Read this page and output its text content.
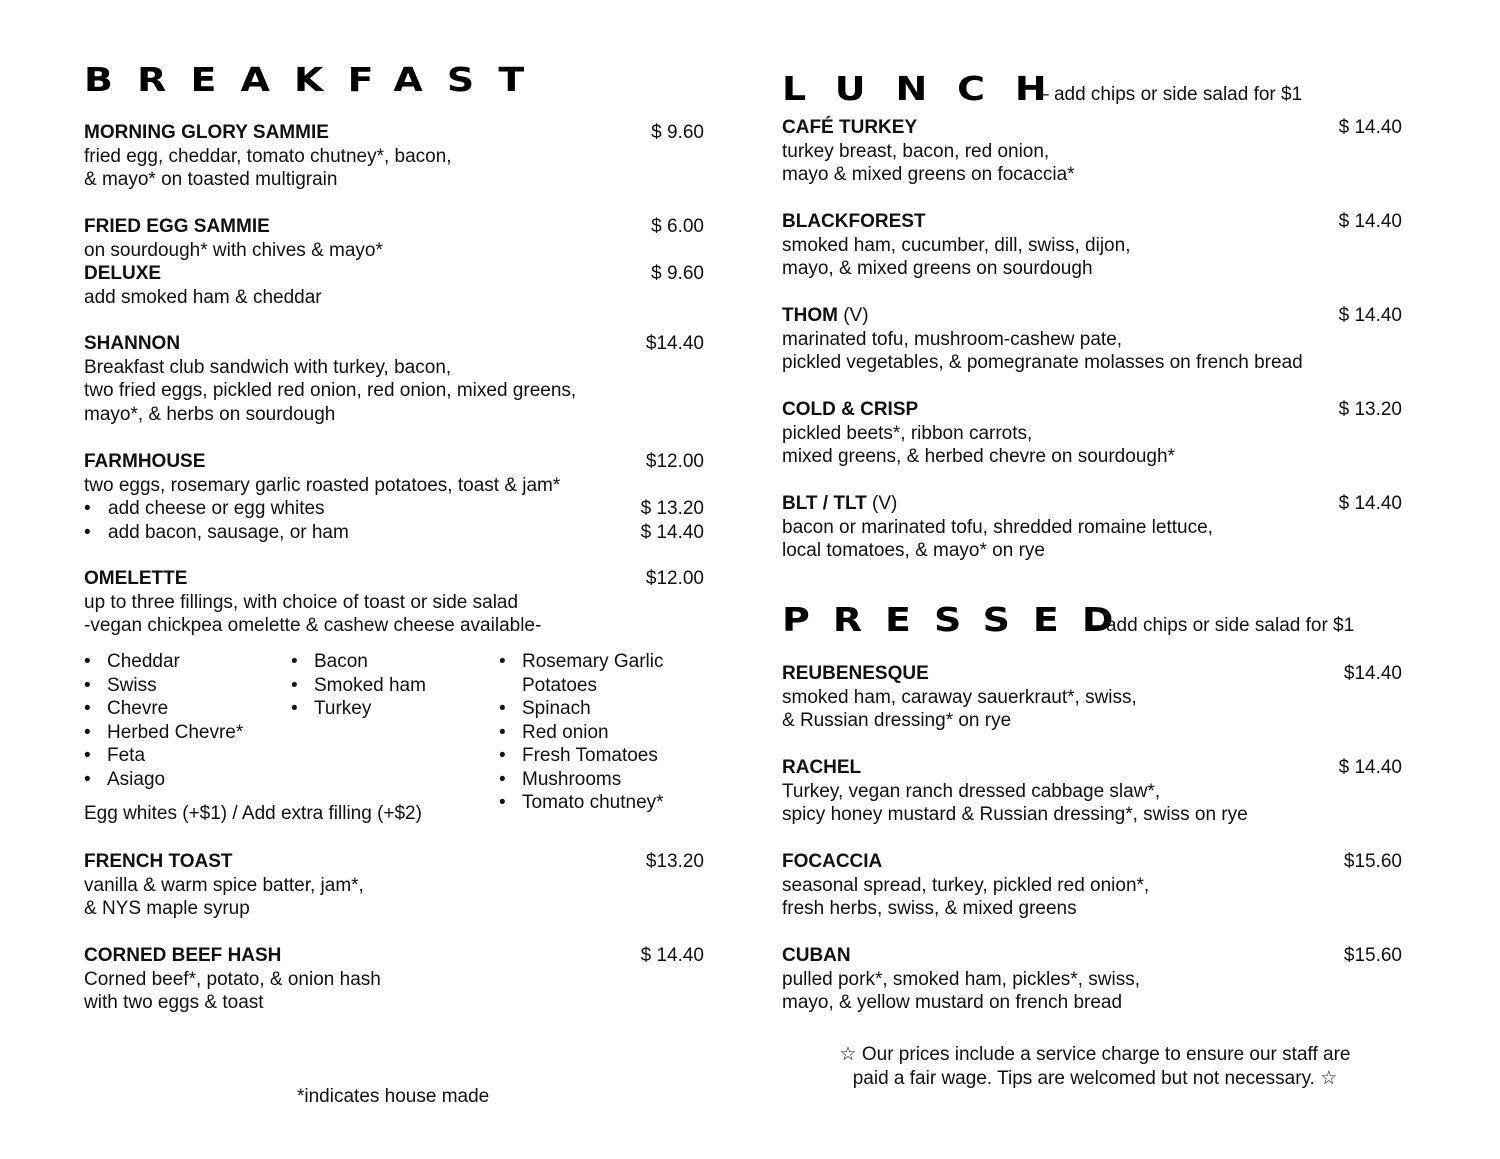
BREAKFAST
MORNING GLORY SAMMIE	$ 9.60
fried egg, cheddar, tomato chutney*, bacon,
& mayo* on toasted multigrain
FRIED EGG SAMMIE	$ 6.00
on sourdough* with chives & mayo*
DELUXE	$ 9.60
add smoked ham & cheddar
SHANNON	$14.40
Breakfast club sandwich with turkey, bacon,
two fried eggs, pickled red onion, red onion, mixed greens,
mayo*, & herbs on sourdough
FARMHOUSE	$12.00
two eggs, rosemary garlic roasted potatoes, toast & jam*
• add cheese or egg whites	$ 13.20
• add bacon, sausage, or ham	$ 14.40
OMELETTE	$12.00
up to three fillings, with choice of toast or side salad
-vegan chickpea omelette & cashew cheese available-
• Cheddar
• Swiss
• Chevre
• Herbed Chevre*
• Feta
• Asiago
• Bacon
• Smoked ham
• Turkey
• Rosemary Garlic
Potatoes
• Spinach
• Red onion
• Fresh Tomatoes
• Mushrooms
• Tomato chutney*
Egg whites (+$1) / Add extra filling (+$2)
FRENCH TOAST	$13.20
vanilla & warm spice batter, jam*,
& NYS maple syrup
CORNED BEEF HASH	$ 14.40
Corned beef*, potato, & onion hash
with two eggs & toast
*indicates house made
LUNCH
– add chips or side salad for $1
CAFÉ TURKEY	$ 14.40
turkey breast, bacon, red onion,
mayo & mixed greens on focaccia*
BLACKFOREST	$ 14.40
smoked ham, cucumber, dill, swiss, dijon,
mayo, & mixed greens on sourdough
THOM (V)	$ 14.40
marinated tofu, mushroom-cashew pate,
pickled vegetables, & pomegranate molasses on french bread
COLD & CRISP	$ 13.20
pickled beets*, ribbon carrots,
mixed greens, & herbed chevre on sourdough*
BLT / TLT (V)	$ 14.40
bacon or marinated tofu, shredded romaine lettuce,
local tomatoes, & mayo* on rye
PRESSED
– add chips or side salad for $1
REUBENESQUE	$14.40
smoked ham, caraway sauerkraut*, swiss,
& Russian dressing* on rye
RACHEL	$ 14.40
Turkey, vegan ranch dressed cabbage slaw*,
spicy honey mustard & Russian dressing*, swiss on rye
FOCACCIA	$15.60
seasonal spread, turkey, pickled red onion*,
fresh herbs, swiss, & mixed greens
CUBAN	$15.60
pulled pork*, smoked ham, pickles*, swiss,
mayo, & yellow mustard on french bread
☆ Our prices include a service charge to ensure our staff are
paid a fair wage. Tips are welcomed but not necessary. ☆
